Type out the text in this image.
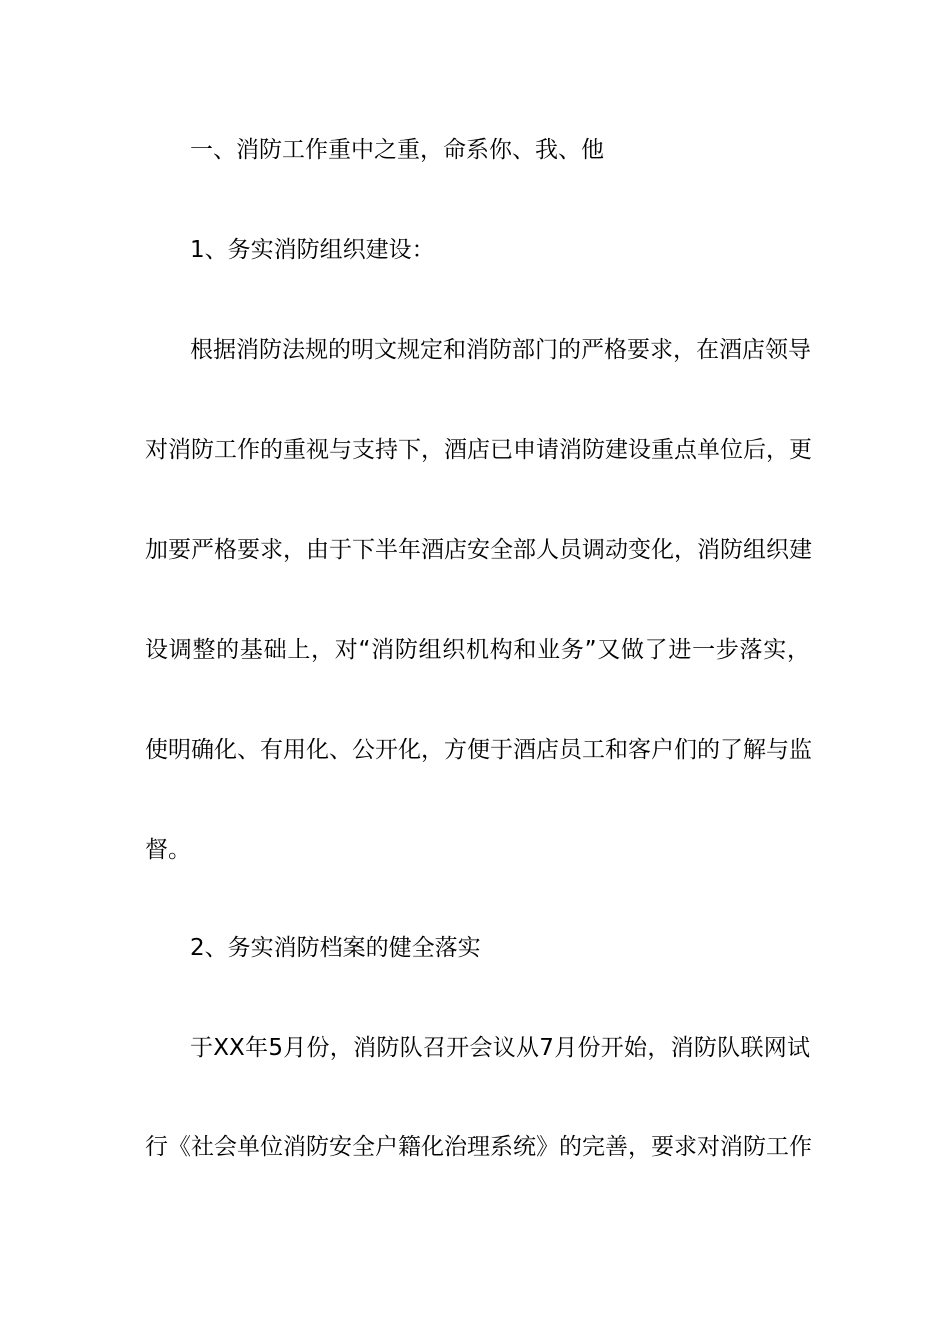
一、消防工作重中之重，命系你、我、他
1、务实消防组织建设：
根据消防法规的明文规定和消防部门的严格要求，在酒店领导
对消防工作的重视与支持下，酒店已申请消防建设重点单位后，更
加要严格要求，由于下半年酒店安全部人员调动变化，消防组织建
设调整的基础上，对“消防组织机构和业务”又做了进一步落实，
使明确化、有用化、公开化，方便于酒店员工和客户们的了解与监
督。
2、务实消防档案的健全落实
于XX年5月份，消防队召开会议从7月份开始，消防队联网试
行《社会单位消防安全户籍化治理系统》的完善，要求对消防工作
